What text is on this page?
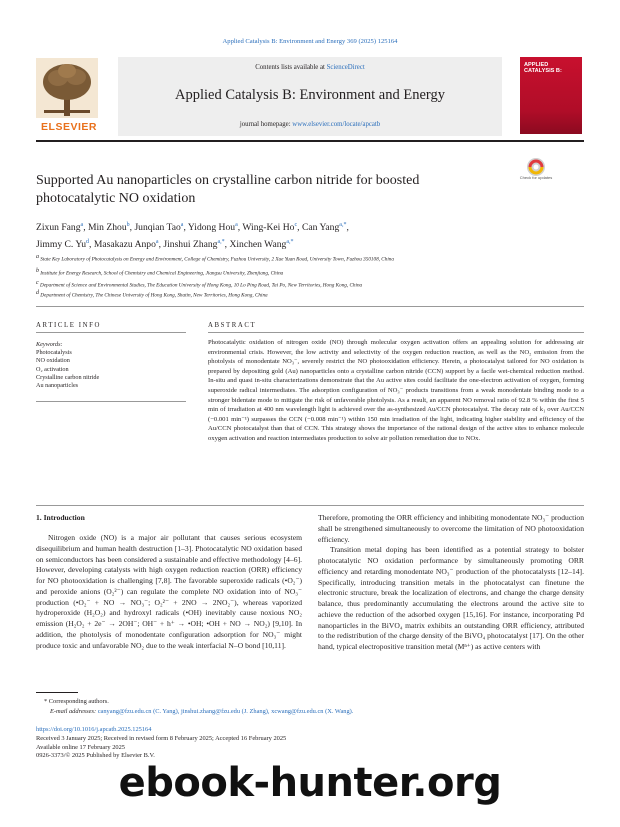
Applied Catalysis B: Environment and Energy 369 (2025) 125164
Contents lists available at ScienceDirect
Applied Catalysis B: Environment and Energy
journal homepage: www.elsevier.com/locate/apcatb
ELSEVIER
APPLIED CATALYSIS B:
Supported Au nanoparticles on crystalline carbon nitride for boosted photocatalytic NO oxidation
Check for updates
Zixun Fang$^a$, Min Zhou$^b$, Junqian Tao$^a$, Yidong Hou$^a$, Wing-Kei Ho$^c$, Can Yang$^{a,*}$,
Jimmy C. Yu$^d$, Masakazu Anpo$^a$, Jinshui Zhang$^{a,*}$, Xinchen Wang$^{a,*}$
$^a$ State Key Laboratory of Photocatalysis on Energy and Environment, College of Chemistry, Fuzhou University, 2 Xue Yuan Road, University Town, Fuzhou 350108, China
$^b$ Institute for Energy Research, School of Chemistry and Chemical Engineering, Jiangsu University, Zhenjiang, China
$^c$ Department of Science and Environmental Studies, The Education University of Hong Kong, 10 Lo Ping Road, Tai Po, New Territories, Hong Kong, China
$^d$ Department of Chemistry, The Chinese University of Hong Kong, Shatin, New Territories, Hong Kong, China
ARTICLE INFO
Keywords:
Photocatalysis
NO oxidation
O₂ activation
Crystalline carbon nitride
Au nanoparticles
ABSTRACT
Photocatalytic oxidation of nitrogen oxide (NO) through molecular oxygen activation offers an appealing solution for addressing air environmental crisis. However, the low activity and selectivity of the oxygen reduction reaction, as well as the NO₂ emission from the photolysis of monodentate NO₃⁻, severely restrict the NO photooxidation efficiency. Herein, a photocatalyst tailored for NO oxidation is prepared by depositing gold (Au) nanoparticles onto a crystalline carbon nitride (CCN) support by a facile wet-chemical reduction method. In-situ and quasi in-situ characterizations demonstrate that the Au active sites could facilitate the one-electron activation of oxygen, forming superoxide radical intermediates. The adsorption configuration of NO₃⁻ products transitions from a weak monodentate binding mode to a stronger bidentate mode to mitigate the risk of unfavorable photolysis. As a result, an apparent NO removal ratio of 92.8 % within the first 5 min of irradiation at 400 nm wavelength light is achieved over the as-synthesized Au/CCN photocatalyst. The decay rate of k₁ over Au/CCN (−0.001 min⁻¹) surpasses the CCN (−0.008 min⁻¹) within 150 min irradiation of the light, indicating higher stability and efficiency of the Au/CCN photocatalyst than that of CCN. This strategy shows the importance of the rational design of the active sites to enhance molecule oxygen activation and reaction intermediates production to solve air pollution remediation due to NOx.
1. Introduction

Nitrogen oxide (NO) is a major air pollutant that causes serious ecosystem disequilibrium and human health destruction [1–3]. Photocatalytic NO oxidation based on semiconductors has been considered a sustainable and effective methodology [4–6]. However, developing catalysts with high oxygen reduction reaction (ORR) efficiency for NO photooxidation is challenging [7,8]. The favorable superoxide radicals (•O₂⁻) and peroxide anions (O₂²⁻) can regulate the complete NO oxidation into of NO₃⁻ production (•O₂⁻ + NO → NO₃⁻; O₂²⁻ + 2NO → 2NO₂⁻), whereas vaporized hydroperoxide (H₂O₂) and hydroxyl radicals (•OH) inevitably cause noxious NO₂ emission (H₂O₂ + 2e⁻ → 2OH⁻; OH⁻ + h⁺ → •OH; •OH + NO → NO₂) [9,10]. In addition, the photolysis of monodentate configuration adsorption for NO₃⁻ might produce toxic and unfavorable NO₂ due to the weak interfacial N–O bond [10,11].

Therefore, promoting the ORR efficiency and inhibiting monodentate NO₃⁻ production shall be strengthened simultaneously to overcome the limitation of NO photooxidation efficiency.

Transition metal doping has been identified as a potential strategy to bolster photocatalytic NO oxidation performance by simultaneously promoting ORR efficiency and retarding monodentate NO₃⁻ production of the photocatalysts [12–14]. Specifically, introducing transition metals in the photocatalyst can finetune the electronic structure, break the localization of electrons, and change the charge density balance, thus predominantly accumulating the electrons around the active site to achieve the reduction of the adsorbed oxygen [15,16]. For instance, incorporating Pd nanoparticles in the BiVO₄ matrix exhibits an outstanding ORR efficiency, attributed to the redistribution of the charge density of the BiVO₄ photocatalyst [17]. On the other hand, typical electropositive transition metal (Mⁿ⁺) as active centers with

* Corresponding authors.
E-mail addresses: canyang@fzu.edu.cn (C. Yang), jinshui.zhang@fzu.edu (J. Zhang), xcwang@fzu.edu.cn (X. Wang).
https://doi.org/10.1016/j.apcatb.2025.125164
Received 3 January 2025; Received in revised form 8 February 2025; Accepted 16 February 2025
Available online 17 February 2025
0926-3373/© 2025 Published by Elsevier B.V.
ebook-hunter.org
